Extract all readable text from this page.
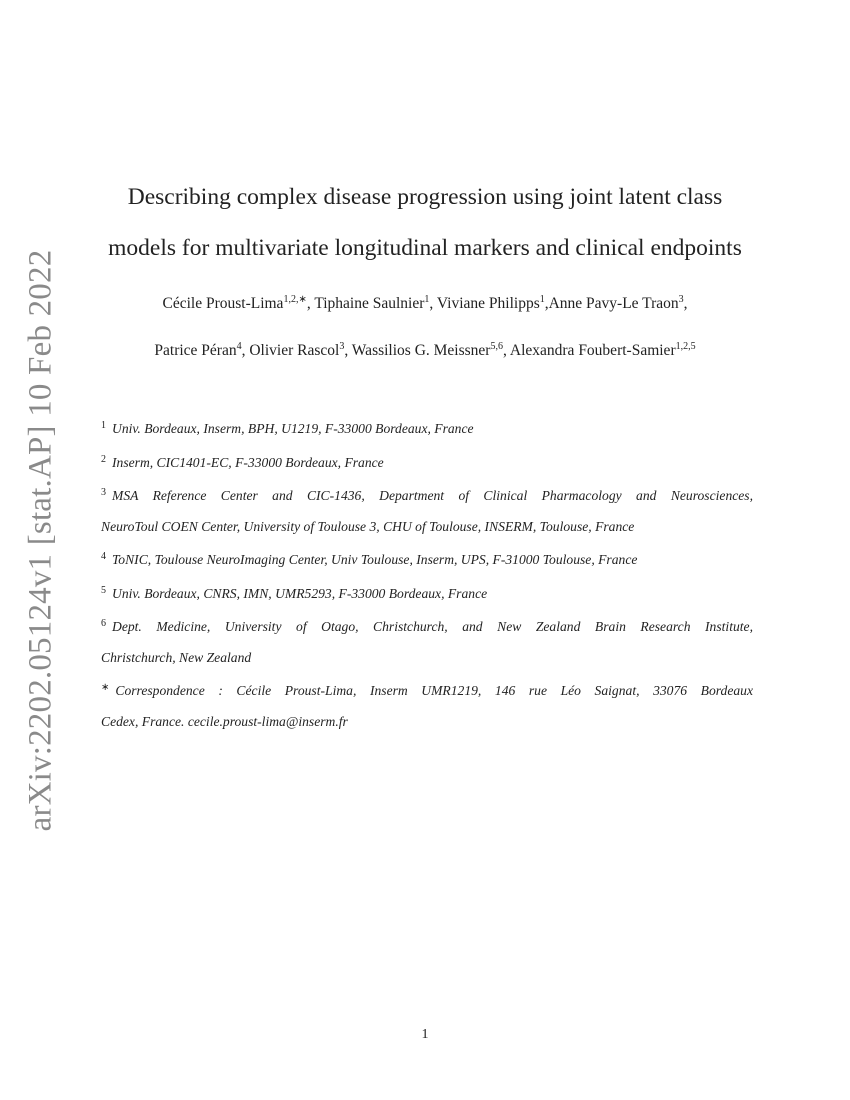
arXiv:2202.05124v1 [stat.AP] 10 Feb 2022
Describing complex disease progression using joint latent class
models for multivariate longitudinal markers and clinical endpoints
Cécile Proust-Lima$^{1,2,∗}$, Tiphaine Saulnier$^1$, Viviane Philipps$^1$,Anne Pavy-Le Traon$^3$,
Patrice Péran$^4$, Olivier Rascol$^3$, Wassilios G. Meissner$^{5,6}$, Alexandra Foubert-Samier$^{1,2,5}$
$^1$ Univ. Bordeaux, Inserm, BPH, U1219, F-33000 Bordeaux, France
$^2$ Inserm, CIC1401-EC, F-33000 Bordeaux, France
$^3$ MSA Reference Center and CIC-1436, Department of Clinical Pharmacology and Neurosciences,
NeuroToul COEN Center, University of Toulouse 3, CHU of Toulouse, INSERM, Toulouse, France
$^4$ ToNIC, Toulouse NeuroImaging Center, Univ Toulouse, Inserm, UPS, F-31000 Toulouse, France
$^5$ Univ. Bordeaux, CNRS, IMN, UMR5293, F-33000 Bordeaux, France
$^6$ Dept. Medicine, University of Otago, Christchurch, and New Zealand Brain Research Institute,
Christchurch, New Zealand
∗ Correspondence : Cécile Proust-Lima, Inserm UMR1219, 146 rue Léo Saignat, 33076 Bordeaux
Cedex, France. cecile.proust-lima@inserm.fr
1
